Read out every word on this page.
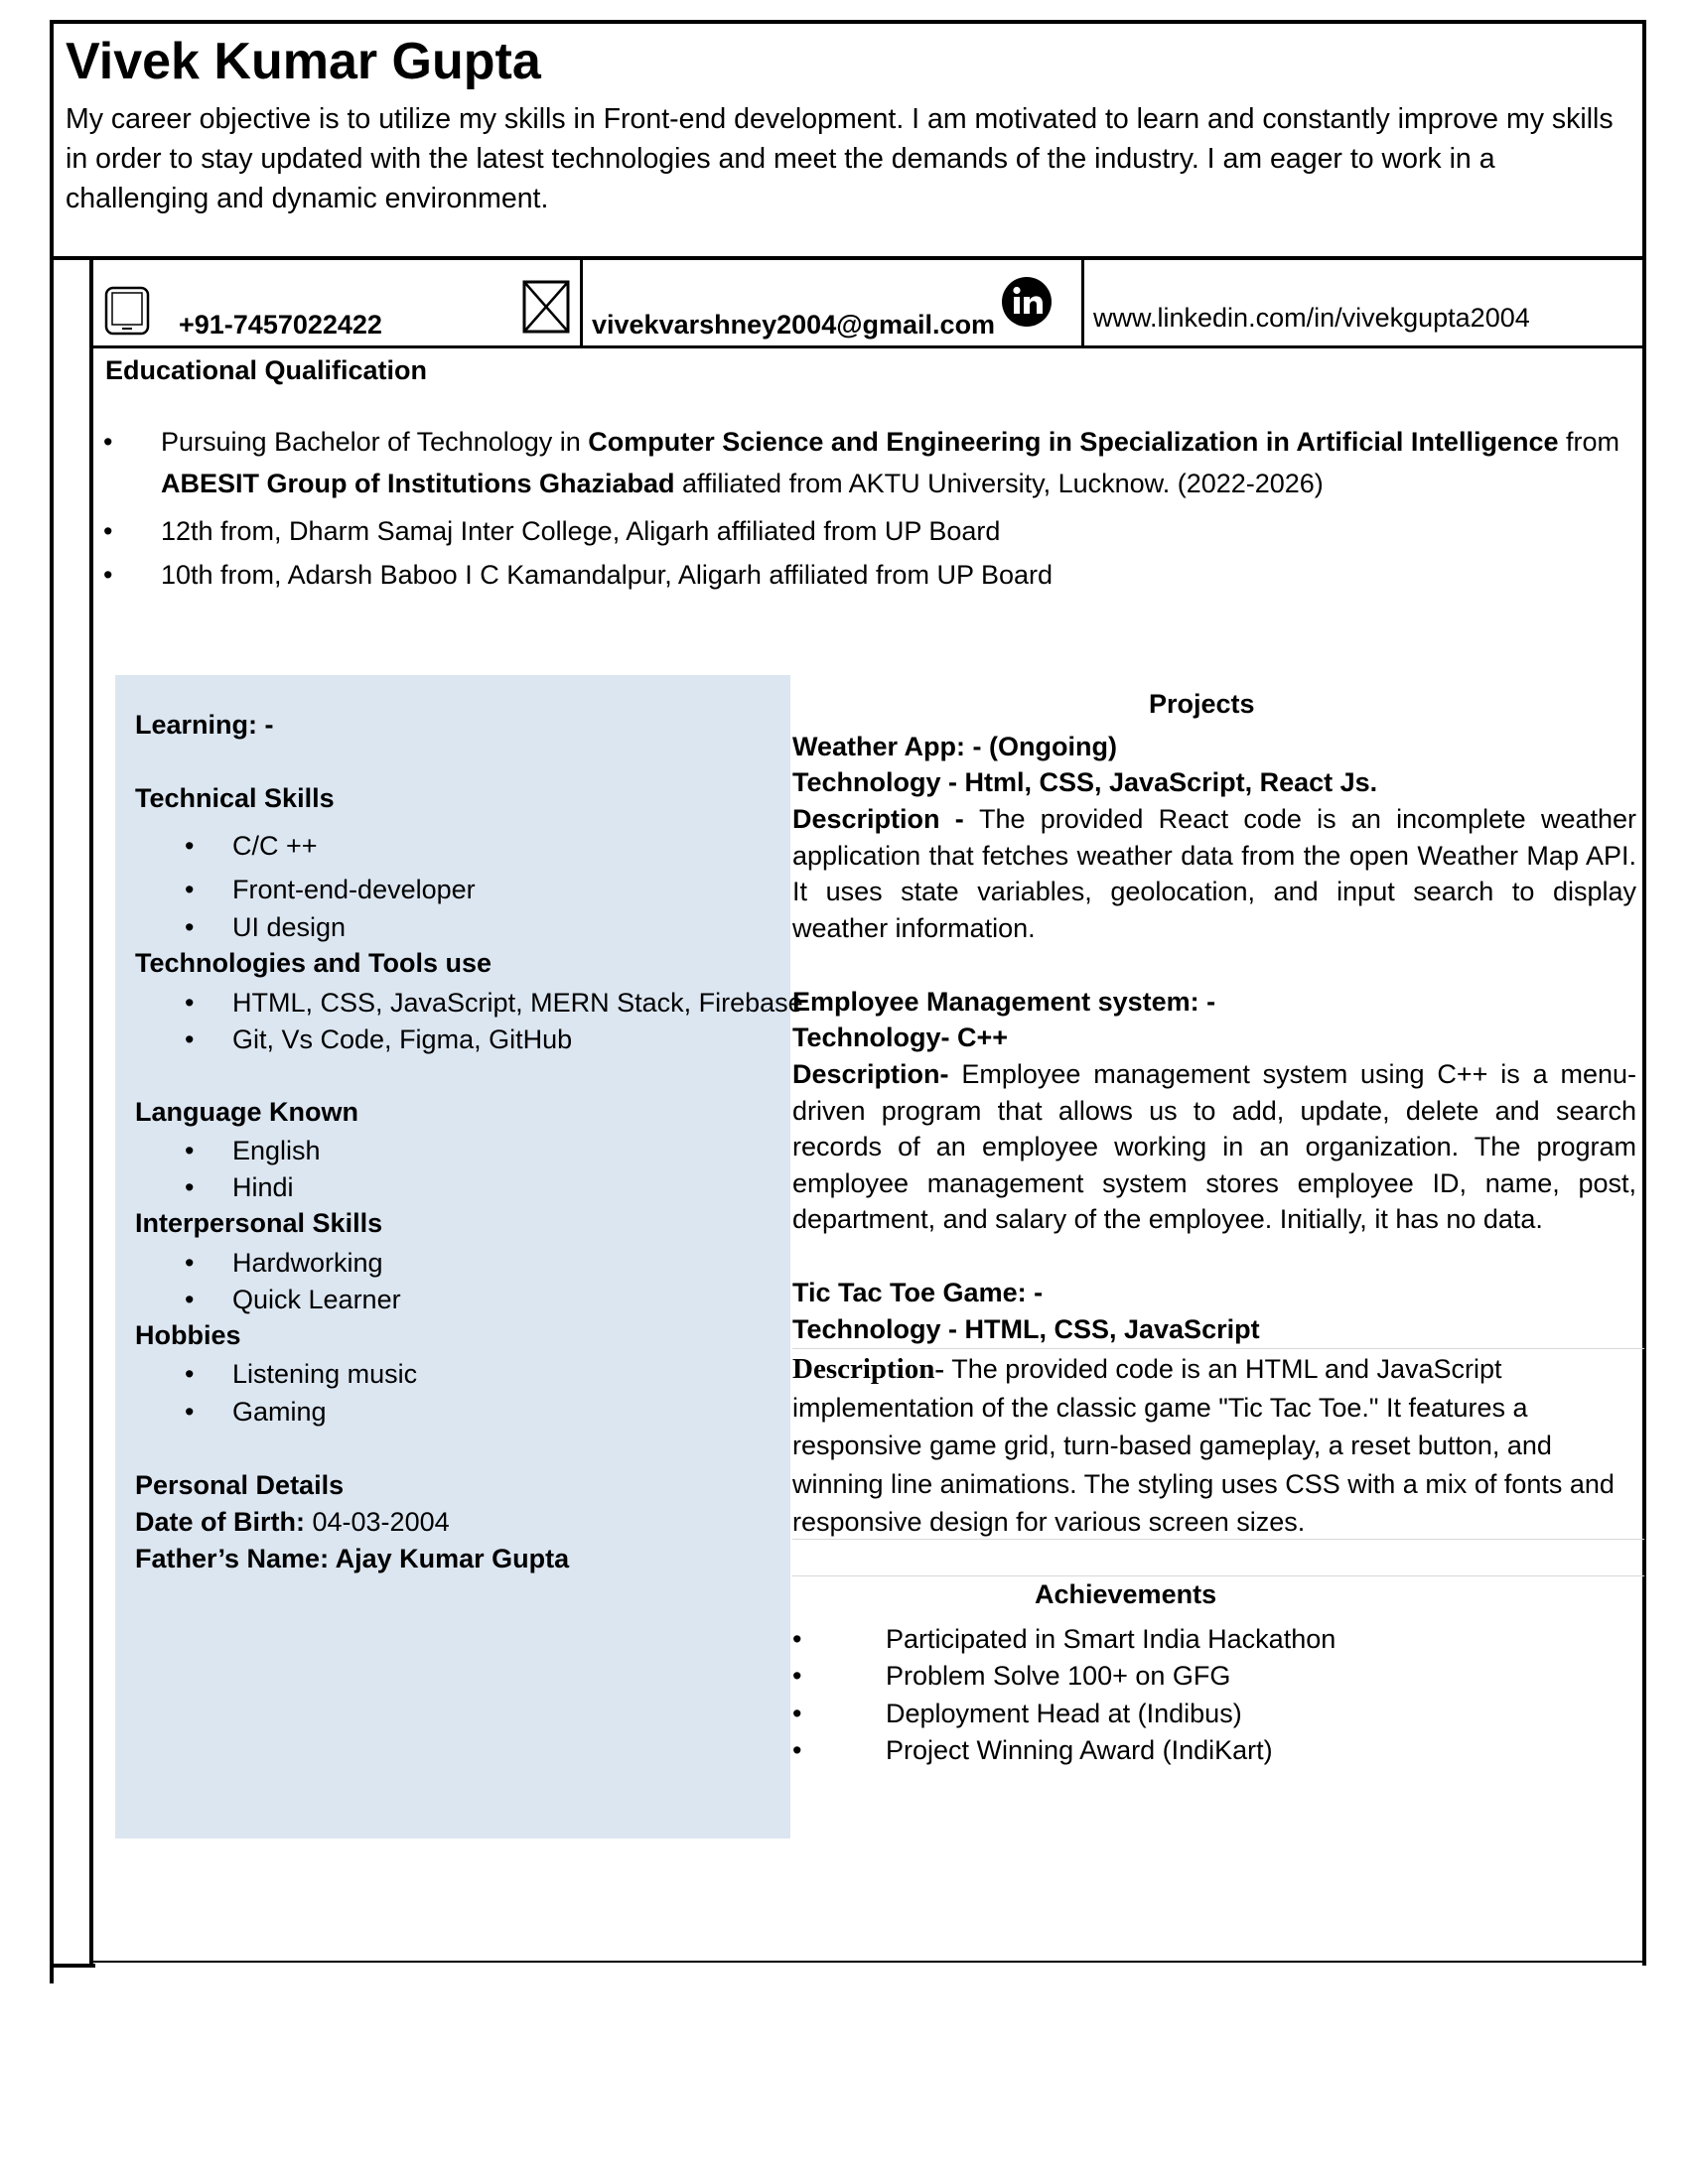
Vivek Kumar Gupta
My career objective is to utilize my skills in Front-end development. I am motivated to learn and constantly improve my skills in order to stay updated with the latest technologies and meet the demands of the industry. I am eager to work in a challenging and dynamic environment.
+91-7457022422	vivekvarshney2004@gmail.com	www.linkedin.com/in/vivekgupta2004
Educational Qualification
• Pursuing Bachelor of Technology in Computer Science and Engineering in Specialization in Artificial Intelligence from ABESIT Group of Institutions Ghaziabad affiliated from AKTU University, Lucknow. (2022-2026)
• 12th from, Dharm Samaj Inter College, Aligarh affiliated from UP Board
• 10th from, Adarsh Baboo I C Kamandalpur, Aligarh affiliated from UP Board
Learning: -
Technical Skills
• C/C ++
• Front-end-developer
• UI design
Technologies and Tools use
• HTML, CSS, JavaScript, MERN Stack, Firebase
• Git, Vs Code, Figma, GitHub
Language Known
• English
• Hindi
Interpersonal Skills
• Hardworking
• Quick Learner
Hobbies
• Listening music
• Gaming
Personal Details
Date of Birth: 04-03-2004
Father’s Name: Ajay Kumar Gupta
Projects
Weather App: - (Ongoing)
Technology - Html, CSS, JavaScript, React Js.
Description - The provided React code is an incomplete weather application that fetches weather data from the open Weather Map API. It uses state variables, geolocation, and input search to display weather information.
Employee Management system: -
Technology- C++
Description- Employee management system using C++ is a menu-driven program that allows us to add, update, delete and search records of an employee working in an organization. The program employee management system stores employee ID, name, post, department, and salary of the employee. Initially, it has no data.
Tic Tac Toe Game: -
Technology - HTML, CSS, JavaScript
Description- The provided code is an HTML and JavaScript implementation of the classic game "Tic Tac Toe." It features a responsive game grid, turn-based gameplay, a reset button, and winning line animations. The styling uses CSS with a mix of fonts and responsive design for various screen sizes.
Achievements
•	Participated in Smart India Hackathon
•	Problem Solve 100+ on GFG
•	Deployment Head at (Indibus)
•	Project Winning Award (IndiKart)
